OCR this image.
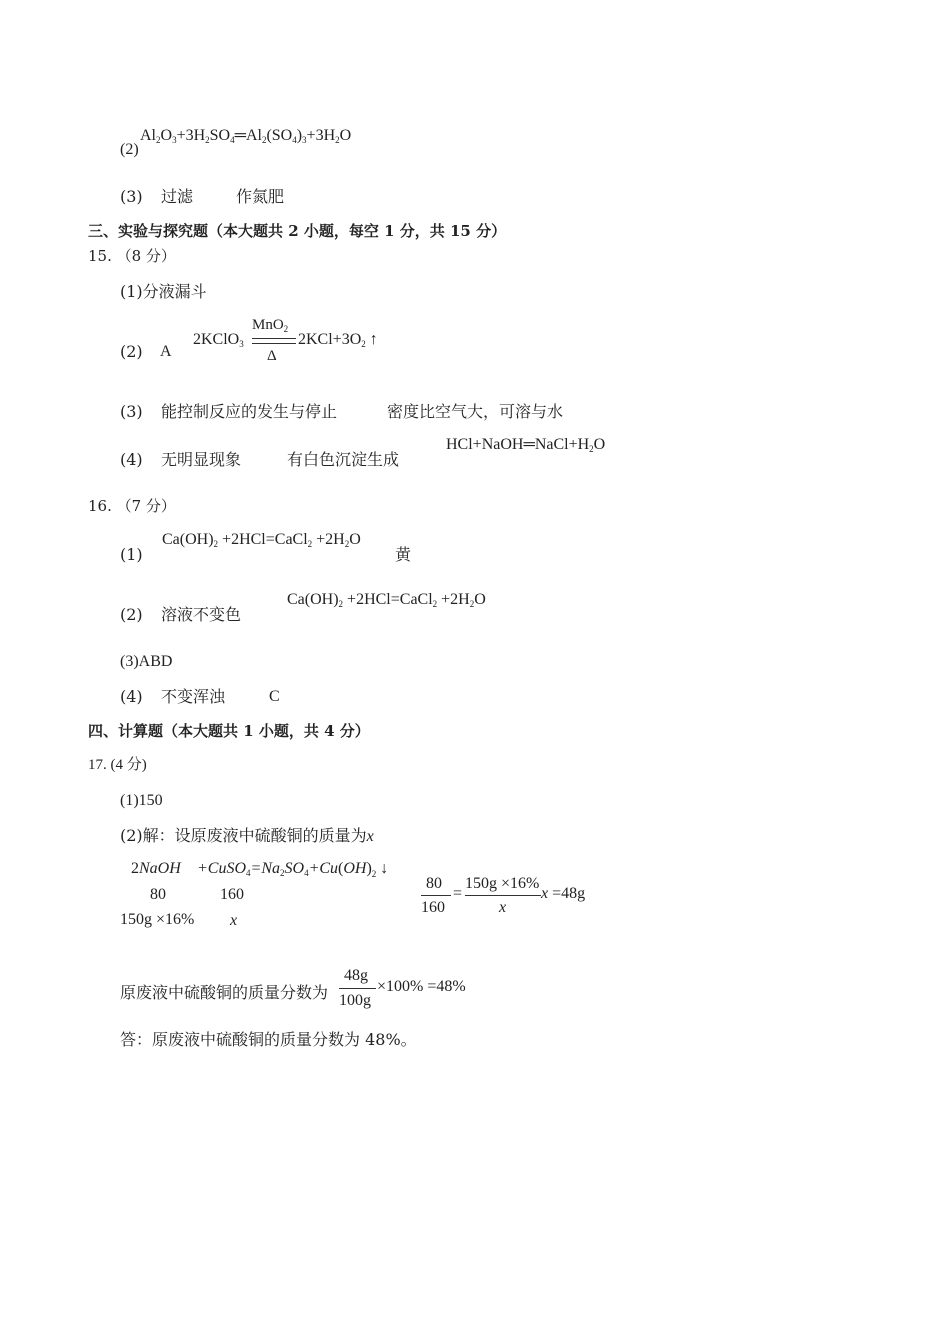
(2)
$Al_2O_3+3H_2SO_4═Al_2(SO_4)_3+3H_2O$
(3) 过滤	作氮肥
三、实验与探究题（本大题共 2 小题，每空 1 分，共 15 分）
15. （8 分）
(1)分液漏斗
(2) A
2KClO$_3$
MnO$_2$
Δ
$2KCl+3O_2$ ↑
(3) 能控制反应的发生与停止	密度比空气大，可溶与水
$HCl+NaOH═NaCl+H_2O$
(4) 无明显现象	有白色沉淀生成
16. （7 分）
$Ca(OH)_2$ +2HCl=CaCl$_2$ $+2H_2O$
(1)	黄
$Ca(OH)_2$ +2HCl=CaCl$_2$ $+2H_2O$
(2) 溶液不变色
(3)ABD
(4) 不变浑浊	C
四、计算题（本大题共 1 小题，共 4 分）
17. (4 分)
(1)150
(2)解：设原废液中硫酸铜的质量为x
2NaOH $+CuSO_4=Na_2SO_4+Cu(OH)_2$ ↓
80	160
150g ×16% x
80
160
=
150g ×16%
x
x =48g
原废液中硫酸铜的质量分数为
48g
100g
×100% =48%
答：原废液中硫酸铜的质量分数为 48%。
